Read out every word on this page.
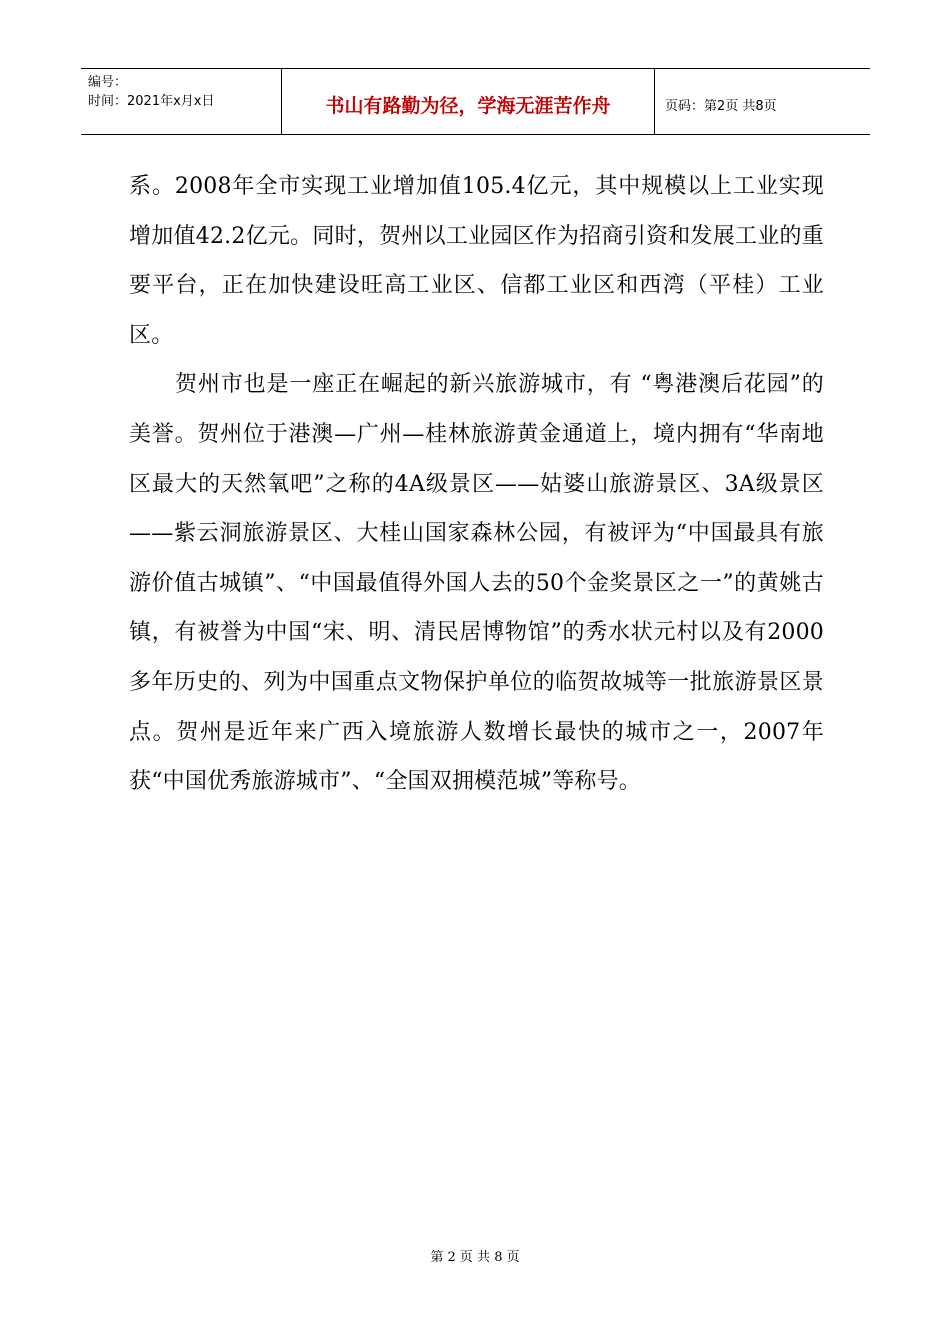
编号：
时间：2021年x月x日	书山有路勤为径，学海无涯苦作舟	页码：第2页 共8页

系。2008年全市实现工业增加值105.4亿元，其中规模以上工业实现增加值42.2亿元。同时，贺州以工业园区作为招商引资和发展工业的重要平台，正在加快建设旺高工业区、信都工业区和西湾（平桂）工业区。

贺州市也是一座正在崛起的新兴旅游城市，有 “粤港澳后花园”的美誉。贺州位于港澳—广州—桂林旅游黄金通道上，境内拥有“华南地区最大的天然氧吧”之称的4A级景区——姑婆山旅游景区、3A级景区——紫云洞旅游景区、大桂山国家森林公园，有被评为“中国最具有旅游价值古城镇”、“中国最值得外国人去的50个金奖景区之一”的黄姚古镇，有被誉为中国“宋、明、清民居博物馆”的秀水状元村以及有2000多年历史的、列为中国重点文物保护单位的临贺故城等一批旅游景区景点。贺州是近年来广西入境旅游人数增长最快的城市之一，2007年获“中国优秀旅游城市”、“全国双拥模范城”等称号。

第 2 页 共 8 页
